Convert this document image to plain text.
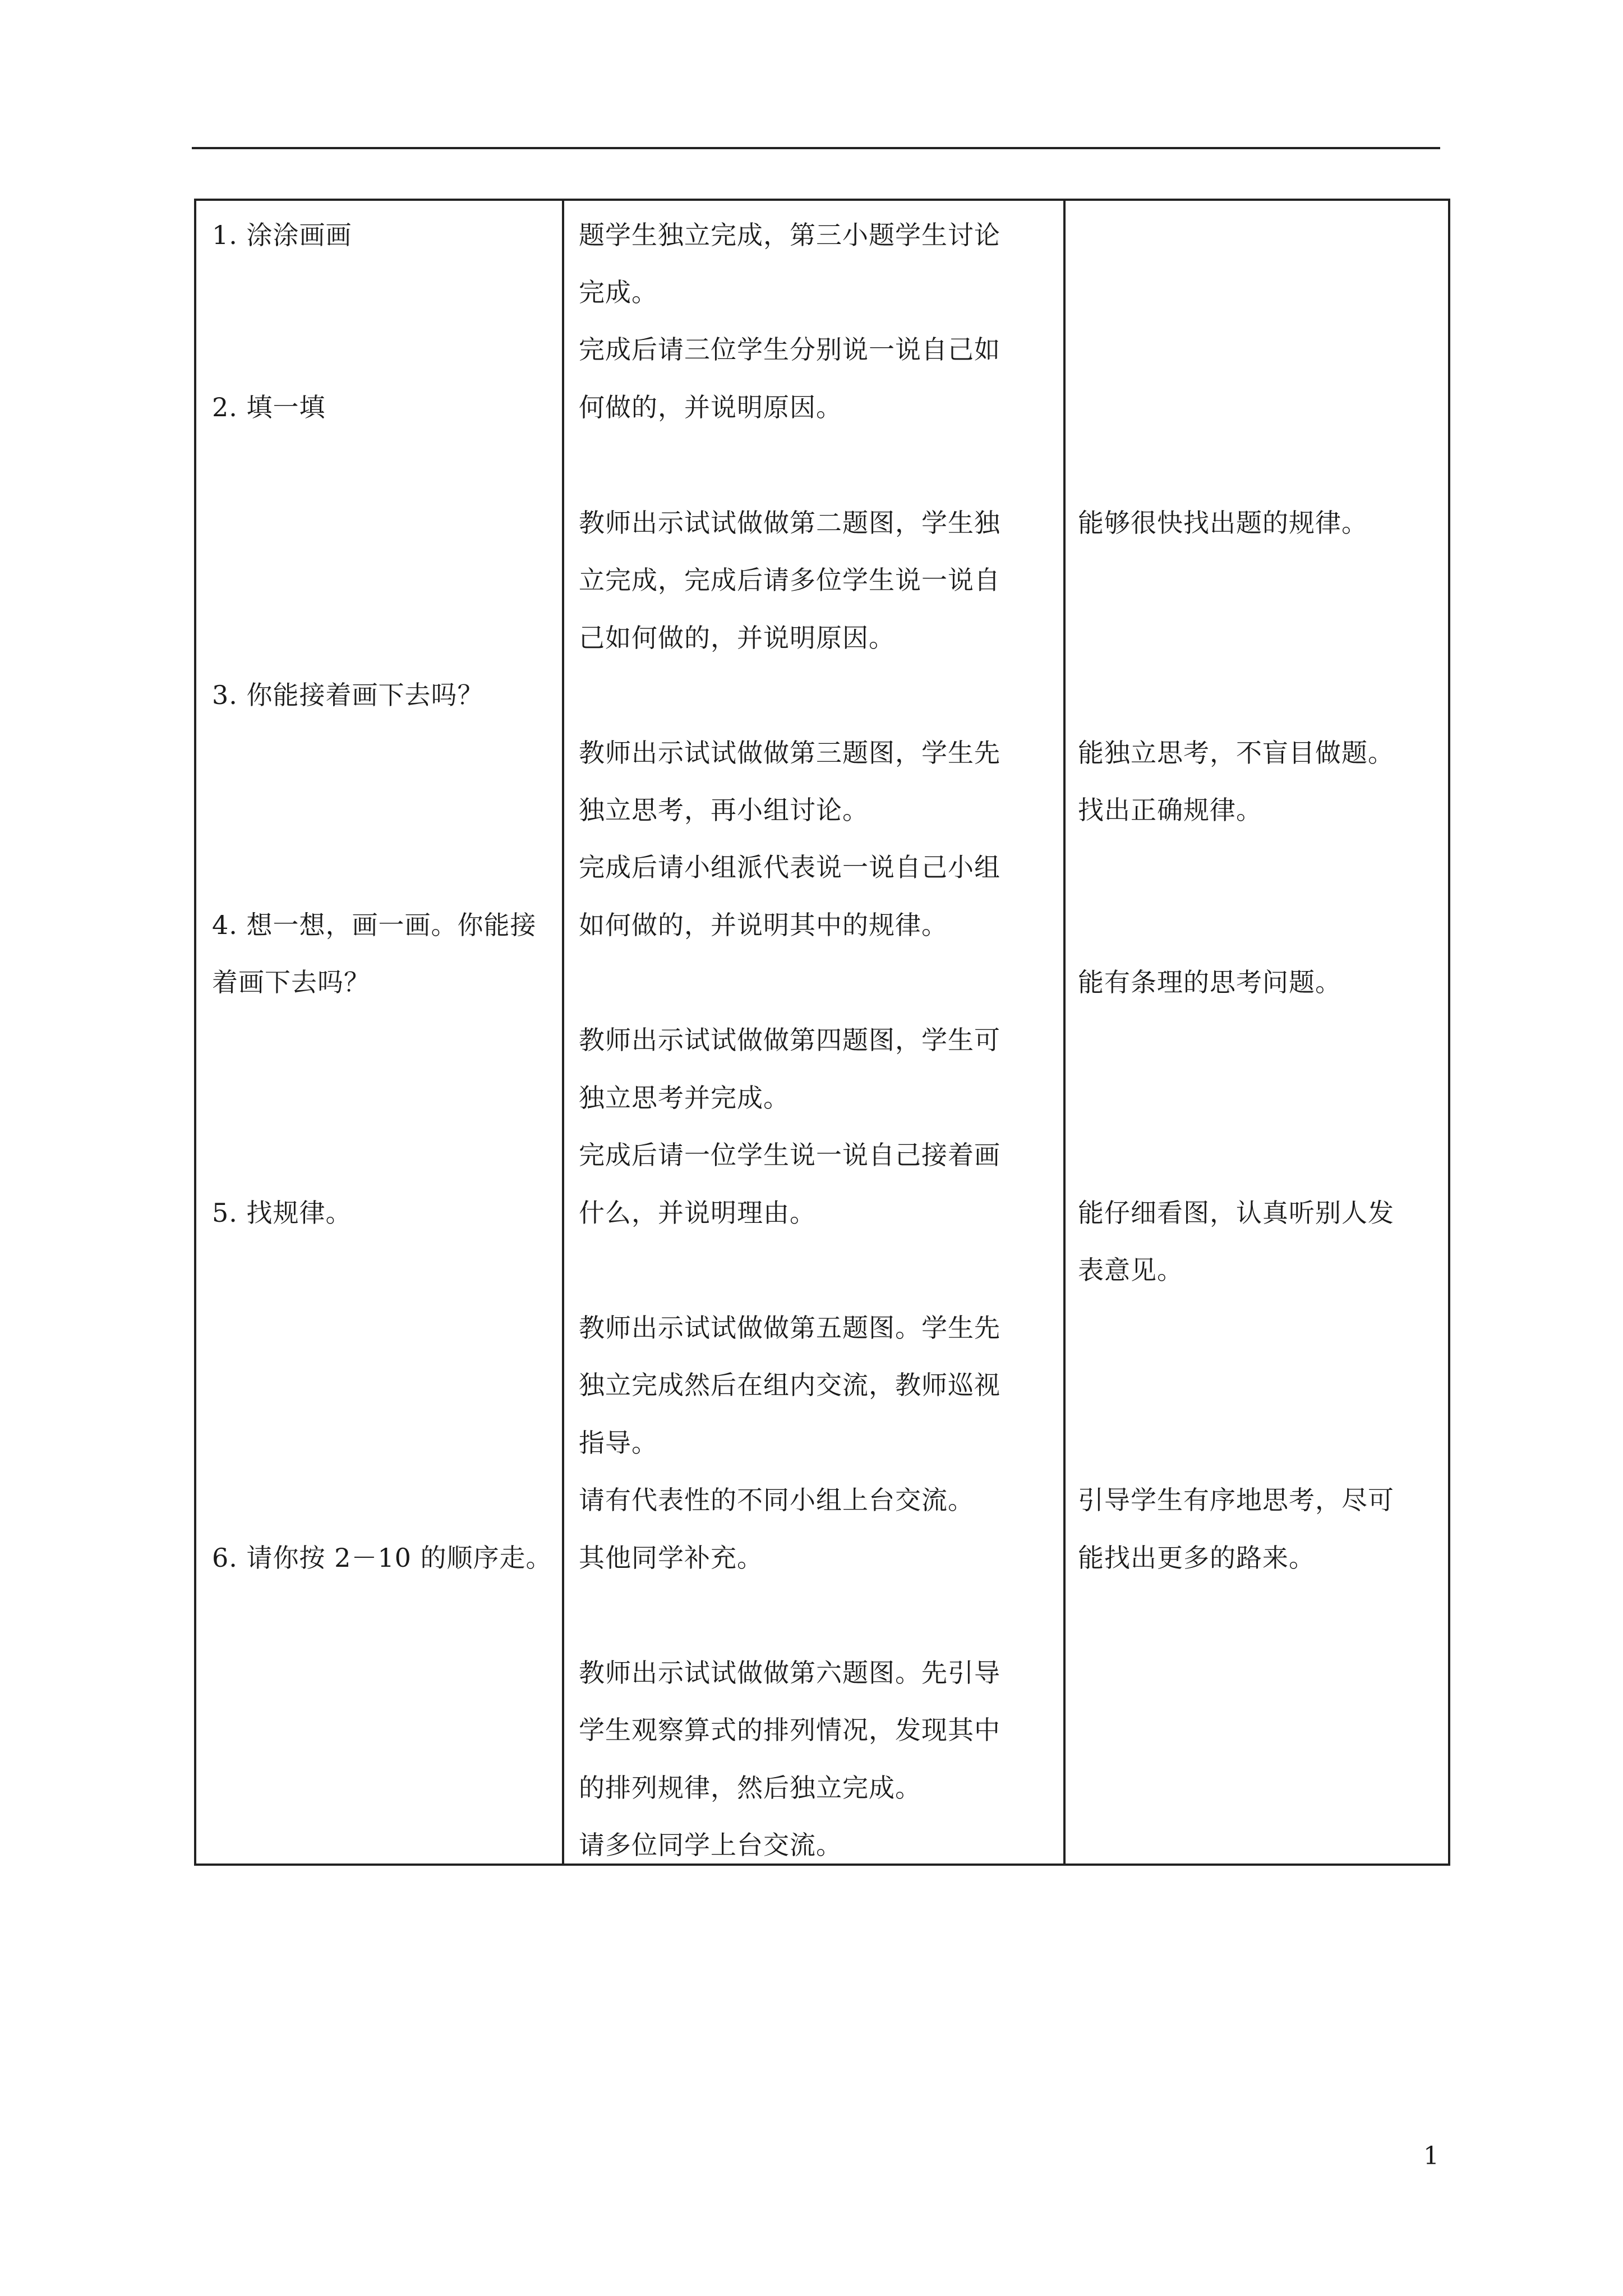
1. 涂涂画画
2. 填一填
3. 你能接着画下去吗？
4. 想一想，画一画。你能接
着画下去吗？
5. 找规律。
6. 请你按 2－10 的顺序走。
题学生独立完成，第三小题学生讨论
完成。
完成后请三位学生分别说一说自己如
何做的，并说明原因。
教师出示试试做做第二题图，学生独
立完成，完成后请多位学生说一说自
己如何做的，并说明原因。
教师出示试试做做第三题图，学生先
独立思考，再小组讨论。
完成后请小组派代表说一说自己小组
如何做的，并说明其中的规律。
教师出示试试做做第四题图，学生可
独立思考并完成。
完成后请一位学生说一说自己接着画
什么，并说明理由。
教师出示试试做做第五题图。学生先
独立完成然后在组内交流，教师巡视
指导。
请有代表性的不同小组上台交流。
其他同学补充。
教师出示试试做做第六题图。先引导
学生观察算式的排列情况，发现其中
的排列规律，然后独立完成。
请多位同学上台交流。
能够很快找出题的规律。
能独立思考，不盲目做题。
找出正确规律。
能有条理的思考问题。
能仔细看图，认真听别人发
表意见。
引导学生有序地思考，尽可
能找出更多的路来。
1
